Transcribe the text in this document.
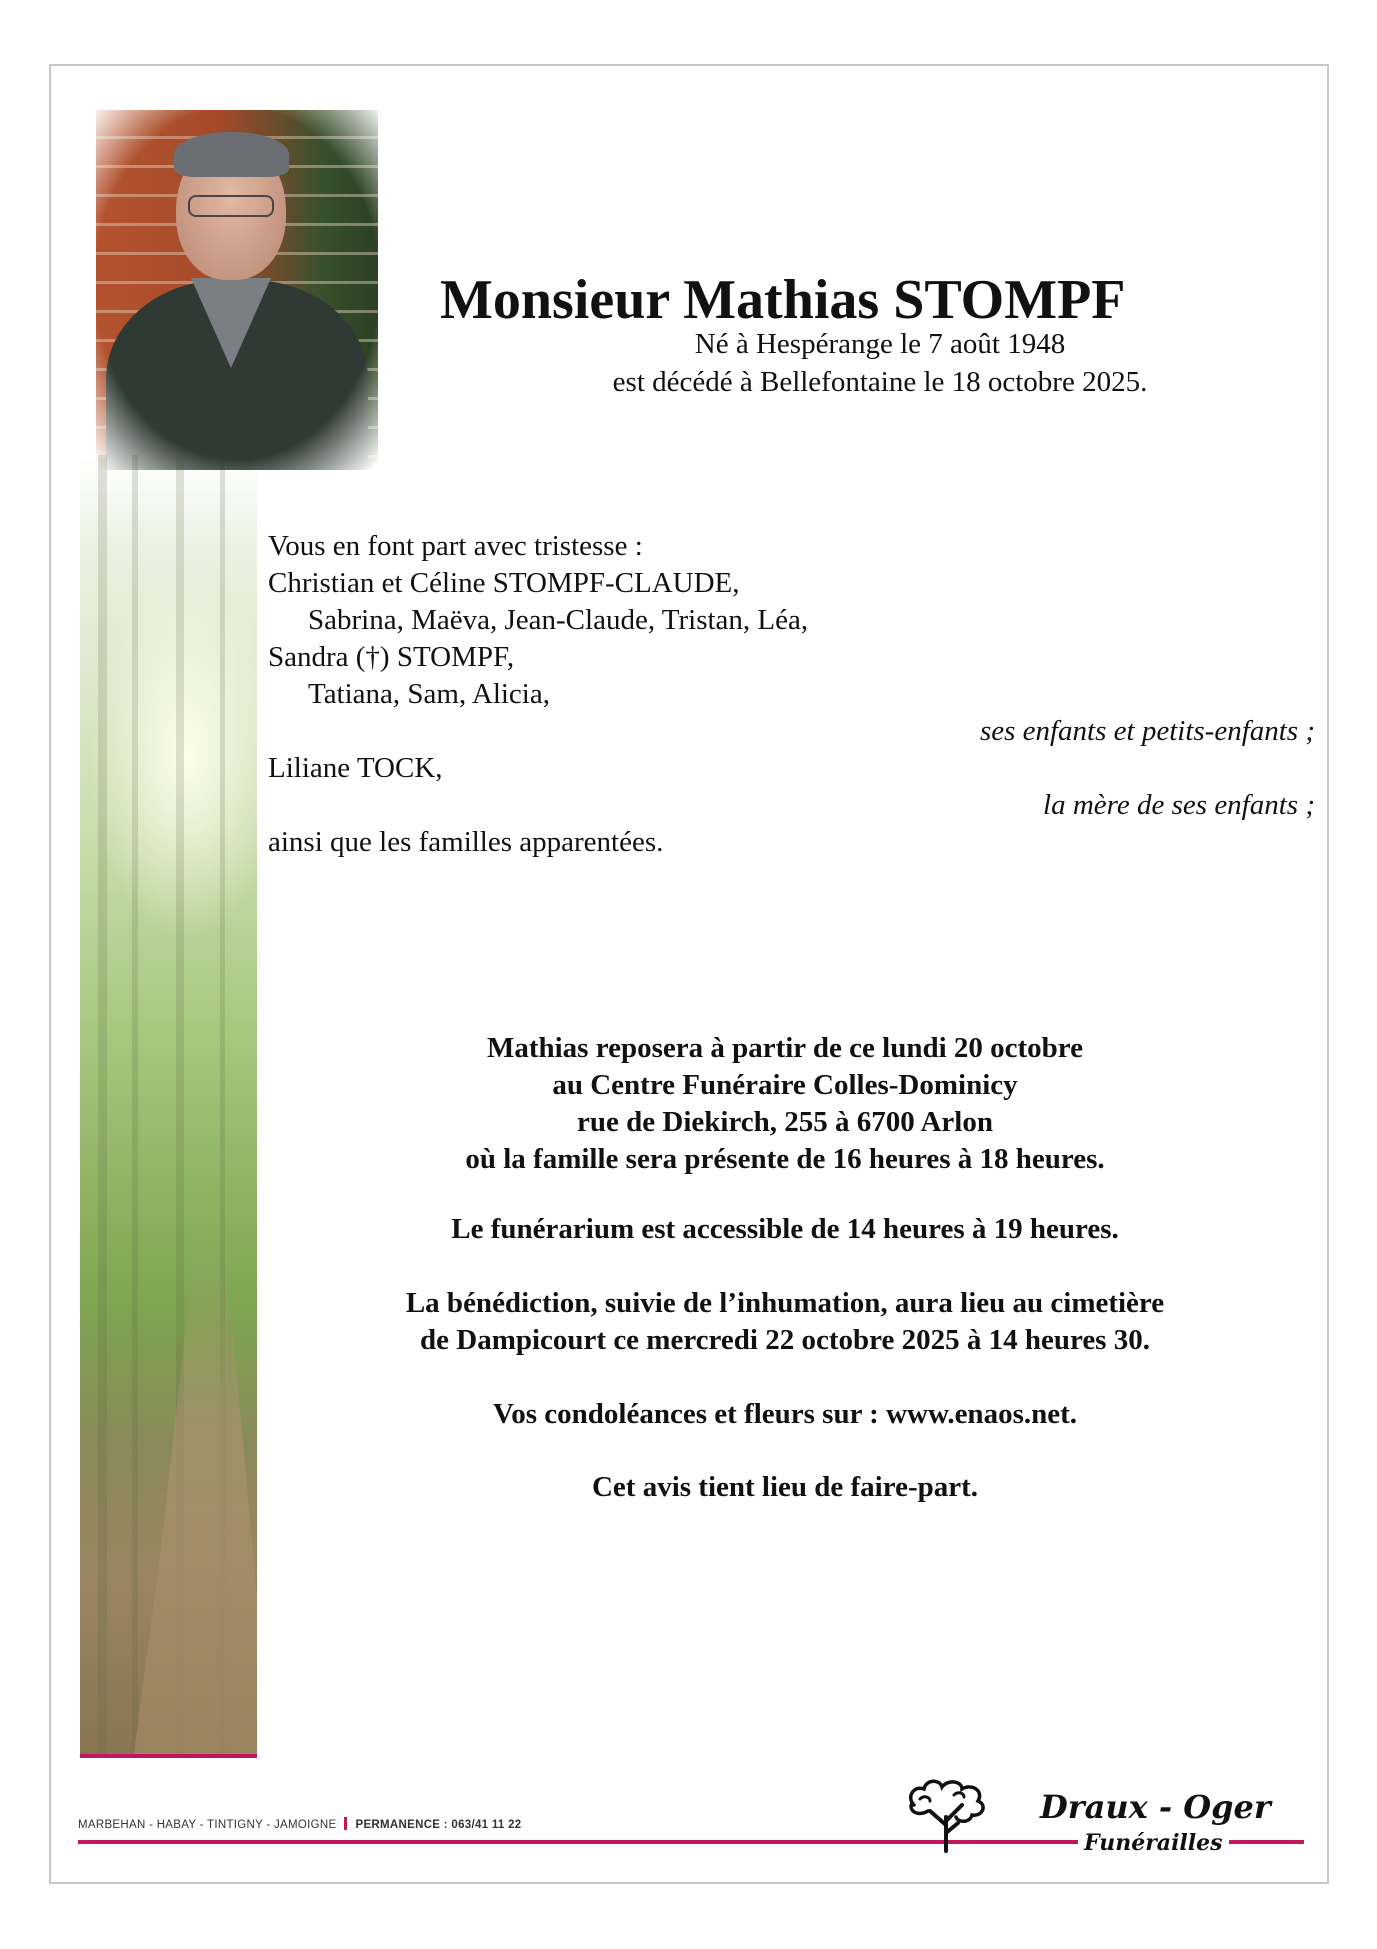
Monsieur Mathias STOMPF
Né à Hespérange le 7 août 1948
est décédé à Bellefontaine le 18 octobre 2025.
Vous en font part avec tristesse :
Christian et Céline STOMPF-CLAUDE,
Sabrina, Maëva, Jean-Claude, Tristan, Léa,
Sandra (†) STOMPF,
Tatiana, Sam, Alicia,
ses enfants et petits-enfants ;
Liliane TOCK,
la mère de ses enfants ;
ainsi que les familles apparentées.
Mathias reposera à partir de ce lundi 20 octobre
au Centre Funéraire Colles-Dominicy
rue de Diekirch, 255 à 6700 Arlon
où la famille sera présente de 16 heures à 18 heures.
Le funérarium est accessible de 14 heures à 19 heures.
La bénédiction, suivie de l’inhumation, aura lieu au cimetière
de Dampicourt ce mercredi 22 octobre 2025 à 14 heures 30.
Vos condoléances et fleurs sur : www.enaos.net.
Cet avis tient lieu de faire-part.
MARBEHAN - HABAY - TINTIGNY - JAMOIGNE PERMANENCE : 063/41 11 22	Draux - Oger
Funérailles
